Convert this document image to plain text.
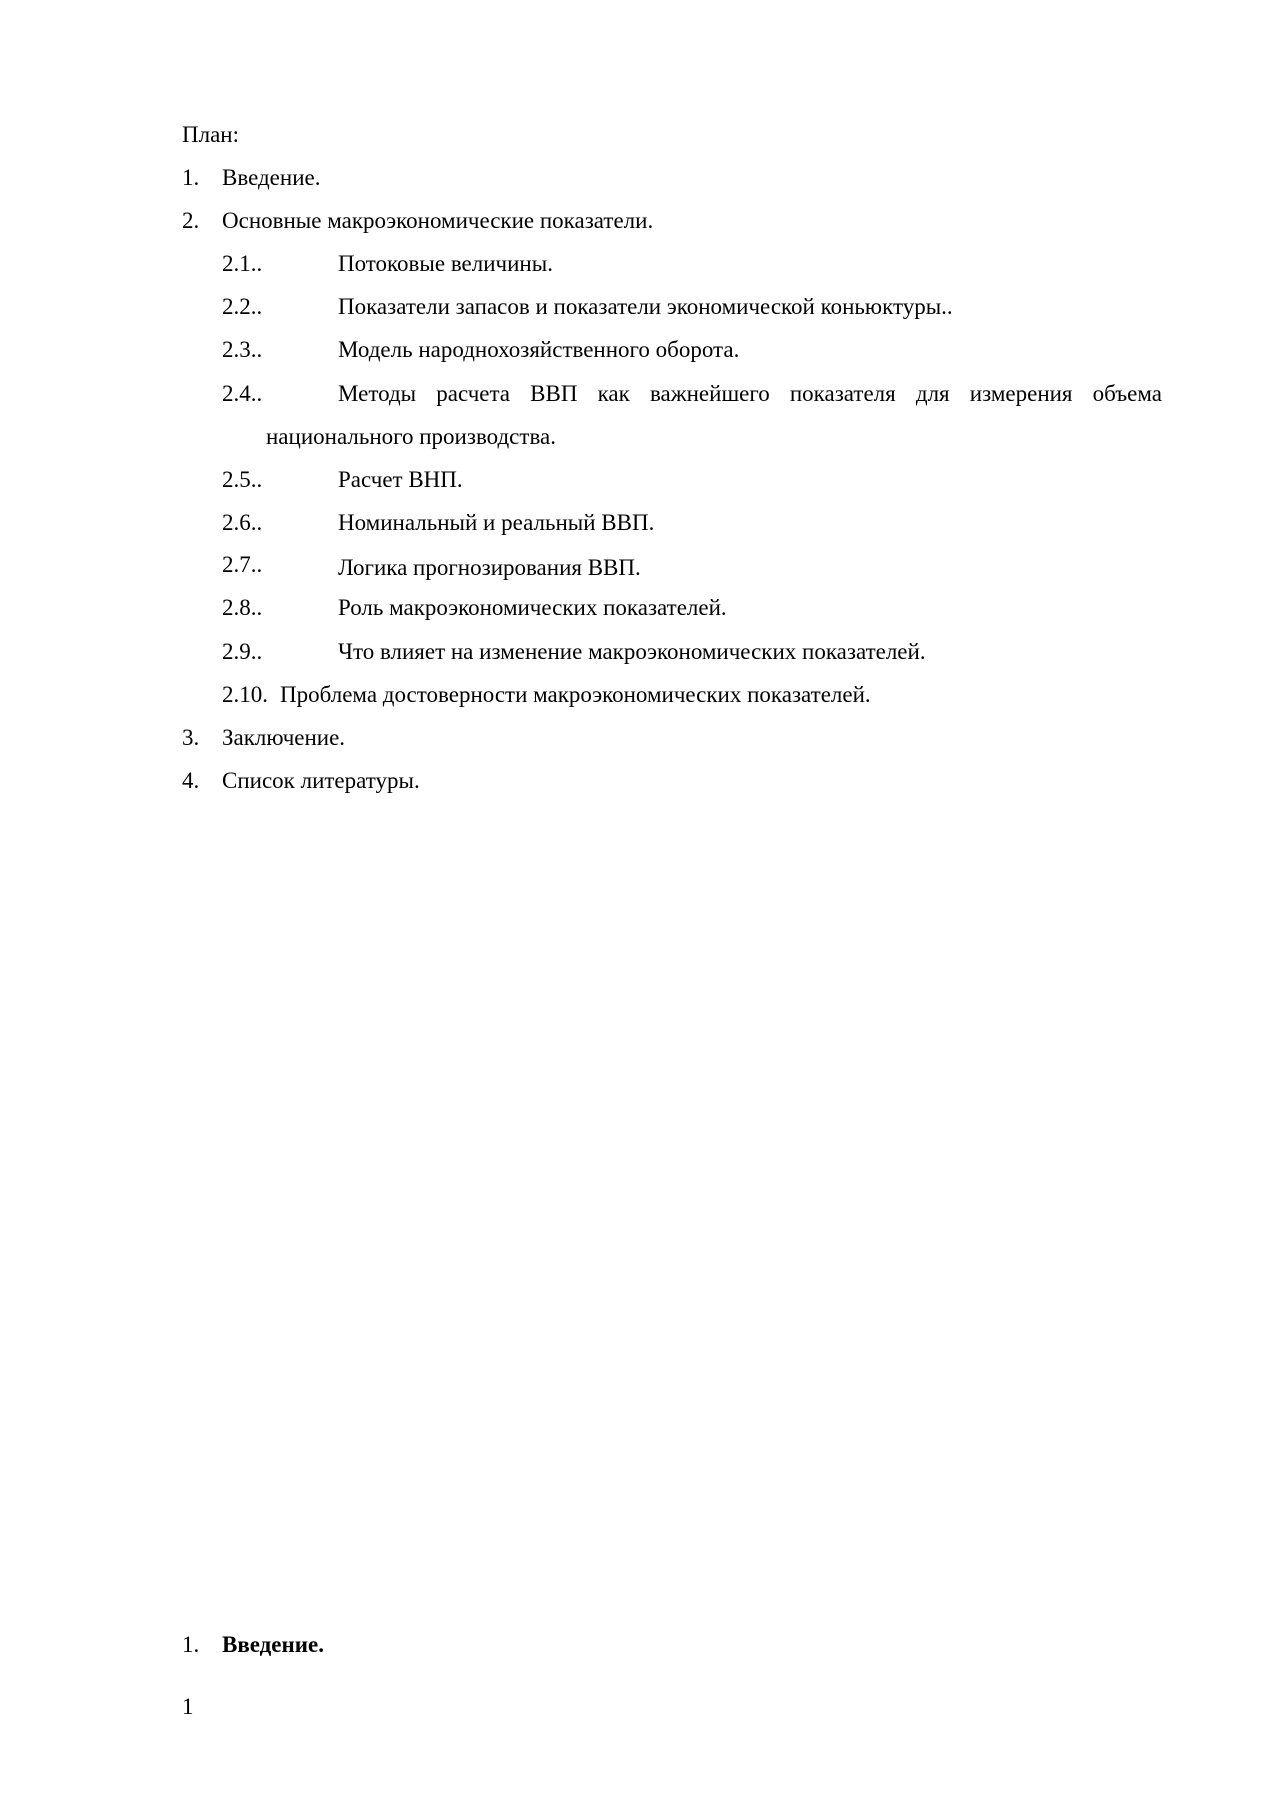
План:
1. Введение.
2. Основные макроэкономические показатели.
2.1..	Потоковые величины.
2.2..	Показатели запасов и показатели экономической коньюктуры..
2.3..	Модель народнохозяйственного оборота.
2.4..	Методы расчета ВВП как важнейшего показателя для измерения объема
национального производства.
2.5..	Расчет ВНП.
2.6..	Номинальный и реальный ВВП.
2.7..	Логика прогнозирования ВВП.
2.8..	Роль макроэкономических показателей.
2.9..	Что влияет на изменение макроэкономических показателей.
2.10. Проблема достоверности макроэкономических показателей.
3. Заключение.
4. Список литературы.
1. Введение.
1
